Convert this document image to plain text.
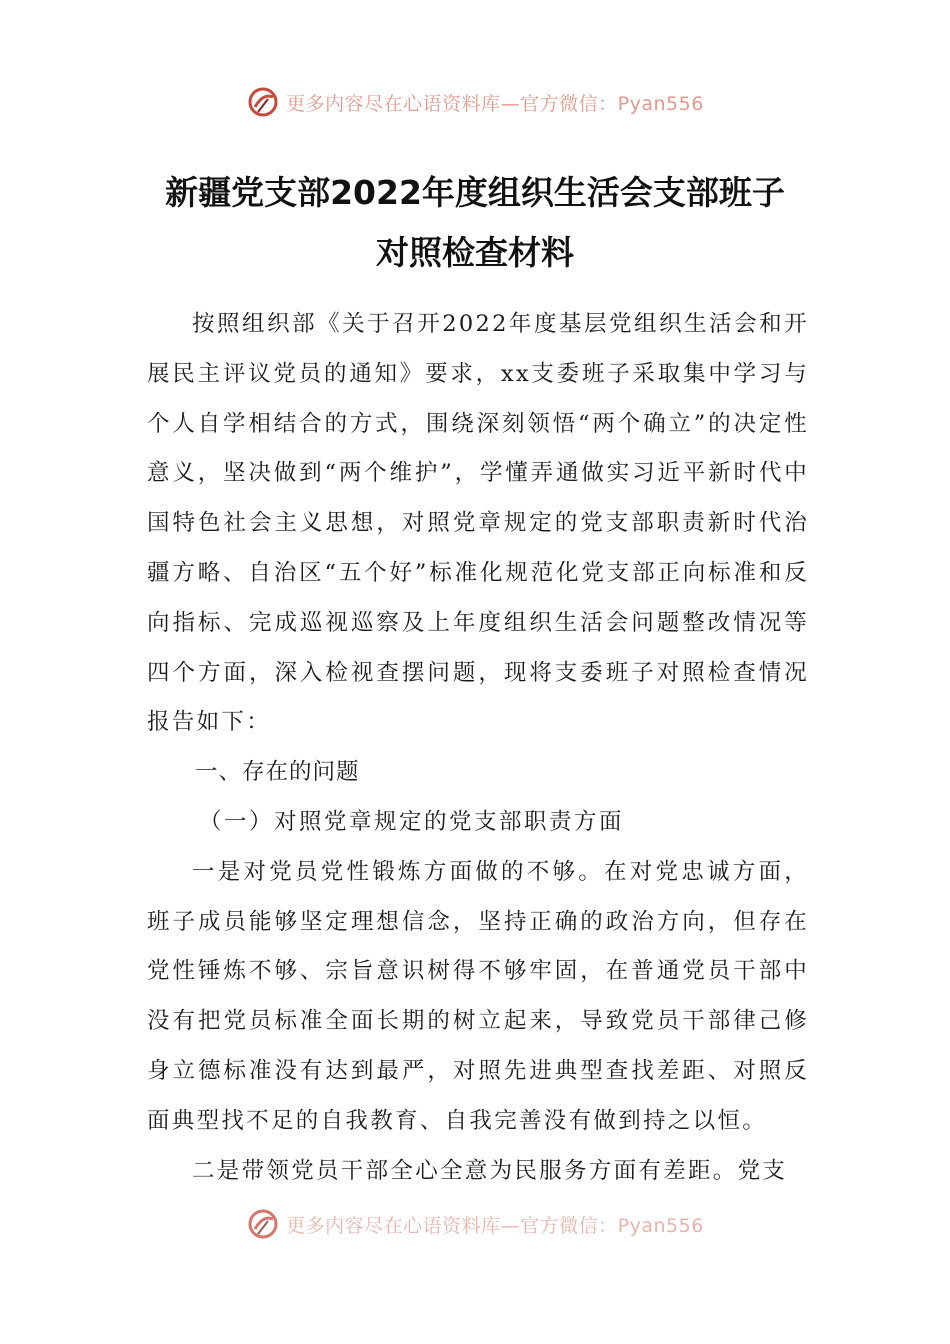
更多内容尽在心语资料库—官方微信：Pyan556
新疆党支部2022年度组织生活会支部班子
对照检查材料

按照组织部《关于召开2022年度基层党组织生活会和开展民主评议党员的通知》要求，xx支委班子采取集中学习与个人自学相结合的方式，围绕深刻领悟“两个确立”的决定性意义，坚决做到“两个维护”，学懂弄通做实习近平新时代中国特色社会主义思想，对照党章规定的党支部职责新时代治疆方略、自治区“五个好”标准化规范化党支部正向标准和反向指标、完成巡视巡察及上年度组织生活会问题整改情况等四个方面，深入检视查摆问题，现将支委班子对照检查情况报告如下：

一、存在的问题

（一）对照党章规定的党支部职责方面

一是对党员党性锻炼方面做的不够。在对党忠诚方面，班子成员能够坚定理想信念，坚持正确的政治方向，但存在党性锤炼不够、宗旨意识树得不够牢固，在普通党员干部中没有把党员标准全面长期的树立起来，导致党员干部律己修身立德标准没有达到最严，对照先进典型查找差距、对照反面典型找不足的自我教育、自我完善没有做到持之以恒。

二是带领党员干部全心全意为民服务方面有差距。党支

更多内容尽在心语资料库—官方微信：Pyan556
